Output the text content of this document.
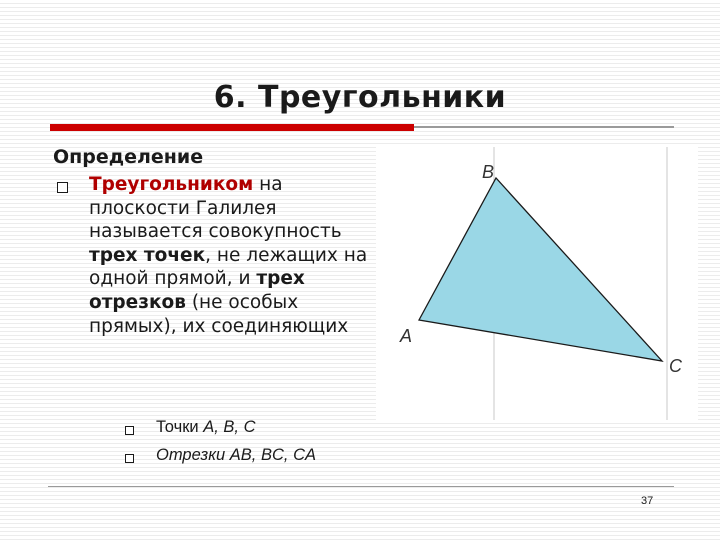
6. Треугольники
Определение
Треугольником на плоскости Галилея называется совокупность трех точек, не лежащих на одной прямой, и трех отрезков (не особых прямых), их соединяющих
Точки A, B, C
Отрезки AB, BC, CA
B
A
C
37
